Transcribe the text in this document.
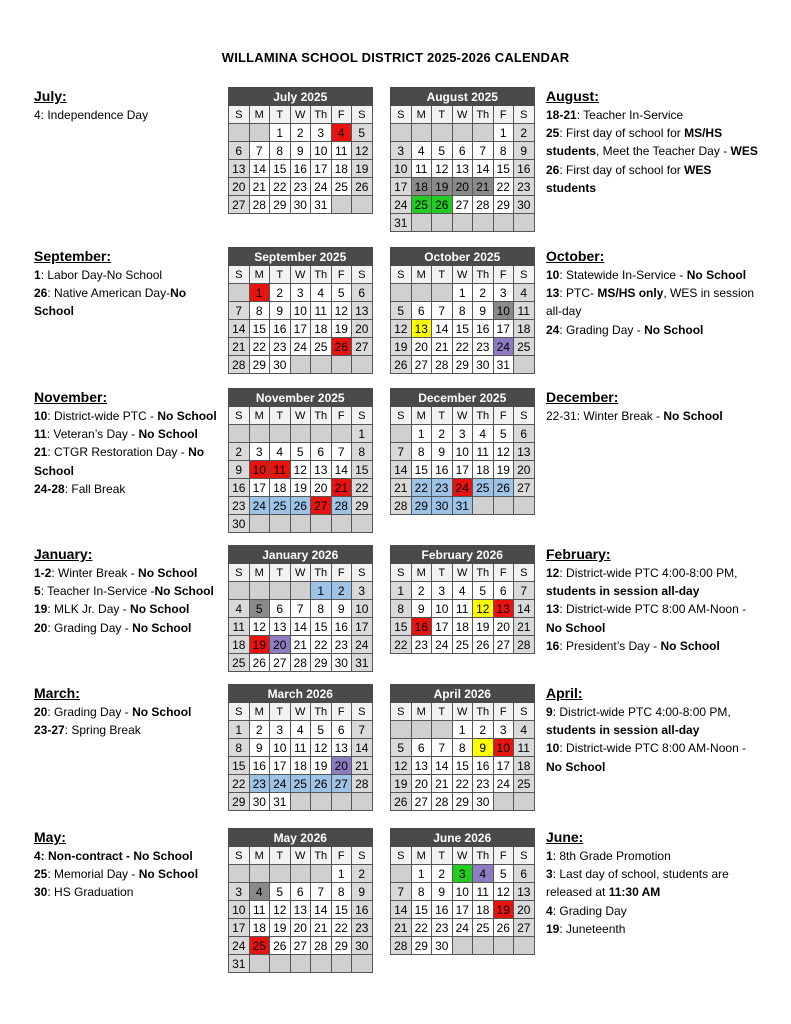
WILLAMINA SCHOOL DISTRICT 2025-2026 CALENDAR
July:
4: Independence Day
August:
18-21: Teacher In-Service
25: First day of school for MS/HS students, Meet the Teacher Day - WES
26: First day of school for WES students
July 2025						
S	M	T	W	Th	F	S
		1	2	3	4	5
6	7	8	9	10	11	12
13	14	15	16	17	18	19
20	21	22	23	24	25	26
27	28	29	30	31		
August 2025						
S	M	T	W	Th	F	S
					1	2
3	4	5	6	7	8	9
10	11	12	13	14	15	16
17	18	19	20	21	22	23
24	25	26	27	28	29	30
31						
September:
1: Labor Day-No School
26: Native American Day-No School
October:
10: Statewide In-Service - No School
13: PTC- MS/HS only, WES in session all-day
24: Grading Day - No School
September 2025						
S	M	T	W	Th	F	S
	1	2	3	4	5	6
7	8	9	10	11	12	13
14	15	16	17	18	19	20
21	22	23	24	25	26	27
28	29	30				
October 2025						
S	M	T	W	Th	F	S
			1	2	3	4
5	6	7	8	9	10	11
12	13	14	15	16	17	18
19	20	21	22	23	24	25
26	27	28	29	30	31	
November:
10: District-wide PTC - No School
11: Veteran’s Day - No School
21: CTGR Restoration Day - No School
24-28: Fall Break
December:
22-31: Winter Break - No School
November 2025						
S	M	T	W	Th	F	S
						1
2	3	4	5	6	7	8
9	10	11	12	13	14	15
16	17	18	19	20	21	22
23	24	25	26	27	28	29
30						
December 2025						
S	M	T	W	Th	F	S
	1	2	3	4	5	6
7	8	9	10	11	12	13
14	15	16	17	18	19	20
21	22	23	24	25	26	27
28	29	30	31			
January:
1-2: Winter Break - No School
5: Teacher In-Service -No School
19: MLK Jr. Day - No School
20: Grading Day - No School
February:
12: District-wide PTC 4:00-8:00 PM, students in session all-day
13: District-wide PTC 8:00 AM-Noon - No School
16: President’s Day - No School
January 2026						
S	M	T	W	Th	F	S
				1	2	3
4	5	6	7	8	9	10
11	12	13	14	15	16	17
18	19	20	21	22	23	24
25	26	27	28	29	30	31
February 2026						
S	M	T	W	Th	F	S
1	2	3	4	5	6	7
8	9	10	11	12	13	14
15	16	17	18	19	20	21
22	23	24	25	26	27	28
March:
20: Grading Day - No School
23-27: Spring Break
April:
9: District-wide PTC 4:00-8:00 PM, students in session all-day
10: District-wide PTC 8:00 AM-Noon - No School
March 2026						
S	M	T	W	Th	F	S
1	2	3	4	5	6	7
8	9	10	11	12	13	14
15	16	17	18	19	20	21
22	23	24	25	26	27	28
29	30	31				
April 2026						
S	M	T	W	Th	F	S
			1	2	3	4
5	6	7	8	9	10	11
12	13	14	15	16	17	18
19	20	21	22	23	24	25
26	27	28	29	30		
May:
4: Non-contract - No School
25: Memorial Day - No School
30: HS Graduation
June:
1: 8th Grade Promotion
3: Last day of school, students are released at 11:30 AM
4: Grading Day
19: Juneteenth
May 2026						
S	M	T	W	Th	F	S
					1	2
3	4	5	6	7	8	9
10	11	12	13	14	15	16
17	18	19	20	21	22	23
24	25	26	27	28	29	30
31						
June 2026						
S	M	T	W	Th	F	S
	1	2	3	4	5	6
7	8	9	10	11	12	13
14	15	16	17	18	19	20
21	22	23	24	25	26	27
28	29	30				
